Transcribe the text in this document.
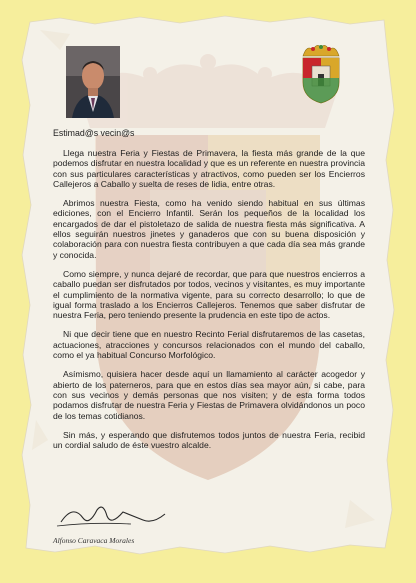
Estimad@s vecin@s

Llega nuestra Feria y Fiestas de Primavera, la fiesta más grande de la que podemos disfrutar en nuestra localidad y que es un referente en nuestra provincia con sus particulares características y atractivos, como pueden ser los Encierros Callejeros a Caballo y suelta de reses de lidia, entre otras.

Abrimos nuestra Fiesta, como ha venido siendo habitual en sus últimas ediciones, con el Encierro Infantil. Serán los pequeños de la localidad los encargados de dar el pistoletazo de salida de nuestra fiesta más significativa. A ellos seguirán nuestros jinetes y ganaderos que con su buena disposición y colaboración para con nuestra fiesta contribuyen a que cada día sea más grande y conocida.

Como siempre, y nunca dejaré de recordar, que para que nuestros encierros a caballo puedan ser disfrutados por todos, vecinos y visitantes, es muy importante el cumplimiento de la normativa vigente, para su correcto desarrollo; lo que de igual forma traslado a los Encierros Callejeros. Tenemos que saber disfrutar de nuestra Feria, pero teniendo presente la prudencia en este tipo de actos.

Ni que decir tiene que en nuestro Recinto Ferial disfrutaremos de las casetas, actuaciones, atracciones y concursos relacionados con el mundo del caballo, como el ya habitual Concurso Morfológico.

Asímismo, quisiera hacer desde aquí un llamamiento al carácter acogedor y abierto de los paterneros, para que en estos días sea mayor aún, si cabe, para con sus vecinos y demás personas que nos visiten; y de esta forma todos podamos disfrutar de nuestra Feria y Fiestas de Primavera olvidándonos un poco de los temas cotidianos.

Sin más, y esperando que disfrutemos todos juntos de nuestra Feria, recibid un cordial saludo de éste vuestro alcalde.

Alfonso Caravaca Morales
